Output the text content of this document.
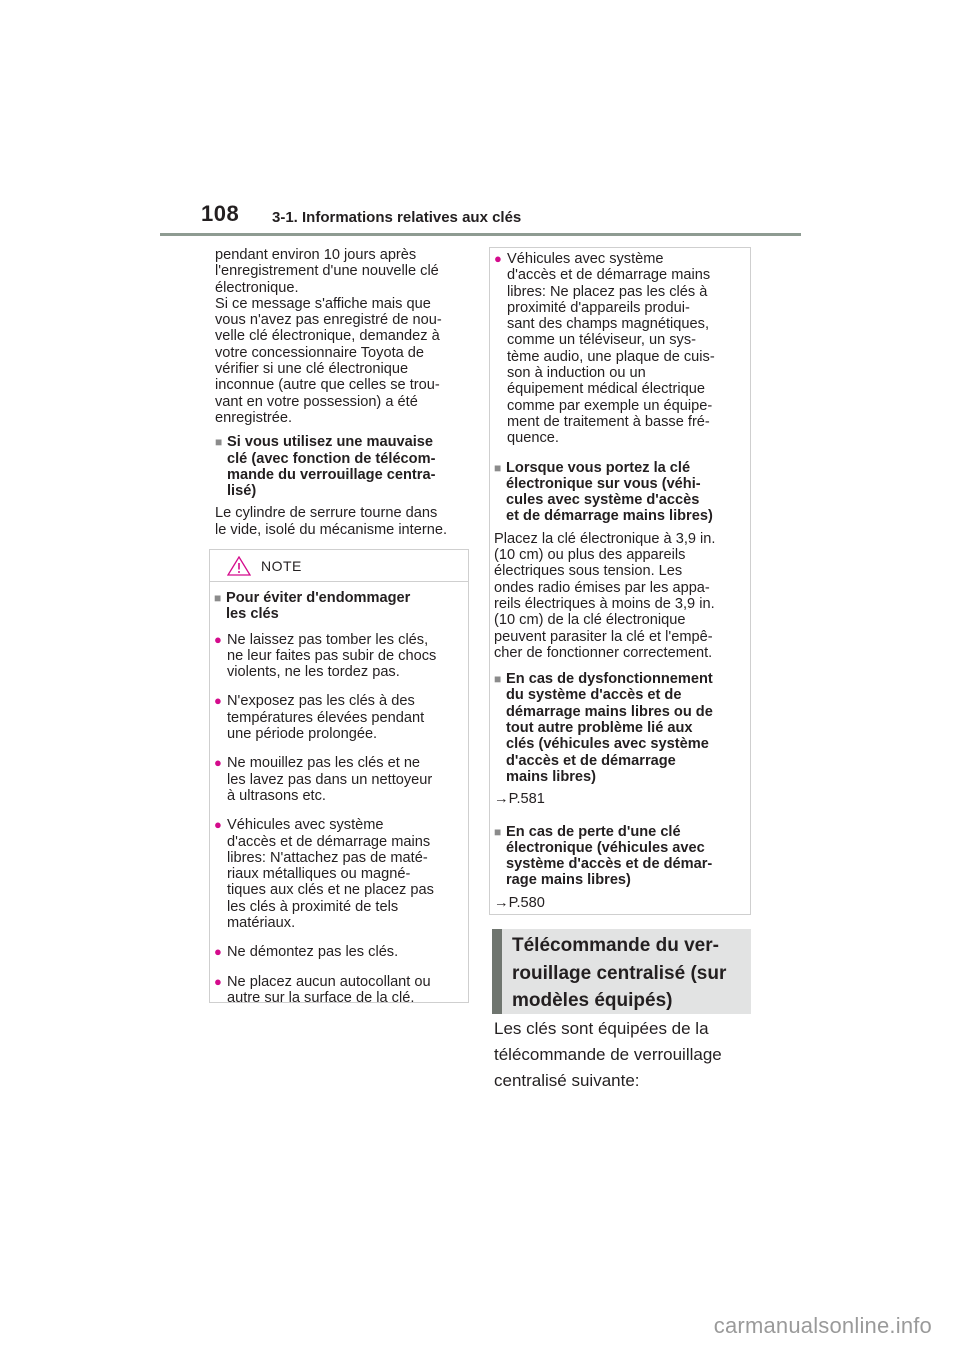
108 3-1. Informations relatives aux clés

pendant environ 10 jours après
l'enregistrement d'une nouvelle clé
électronique.
Si ce message s'affiche mais que
vous n'avez pas enregistré de nou-
velle clé électronique, demandez à
votre concessionnaire Toyota de
vérifier si une clé électronique
inconnue (autre que celles se trou-
vant en votre possession) a été
enregistrée.

■ Si vous utilisez une mauvaise
clé (avec fonction de télécom-
mande du verrouillage centra-
lisé)

Le cylindre de serrure tourne dans
le vide, isolé du mécanisme interne.

NOTE
■ Pour éviter d'endommager
les clés
● Ne laissez pas tomber les clés,
ne leur faites pas subir de chocs
violents, ne les tordez pas.
● N'exposez pas les clés à des
températures élevées pendant
une période prolongée.
● Ne mouillez pas les clés et ne
les lavez pas dans un nettoyeur
à ultrasons etc.
● Véhicules avec système
d'accès et de démarrage mains
libres: N'attachez pas de maté-
riaux métalliques ou magné-
tiques aux clés et ne placez pas
les clés à proximité de tels
matériaux.
● Ne démontez pas les clés.
● Ne placez aucun autocollant ou
autre sur la surface de la clé.
● Véhicules avec système
d'accès et de démarrage mains
libres: Ne placez pas les clés à
proximité d'appareils produi-
sant des champs magnétiques,
comme un téléviseur, un sys-
tème audio, une plaque de cuis-
son à induction ou un
équipement médical électrique
comme par exemple un équipe-
ment de traitement à basse fré-
quence.
■ Lorsque vous portez la clé
électronique sur vous (véhi-
cules avec système d'accès
et de démarrage mains libres)

Placez la clé électronique à 3,9 in.
(10 cm) ou plus des appareils
électriques sous tension. Les
ondes radio émises par les appa-
reils électriques à moins de 3,9 in.
(10 cm) de la clé électronique
peuvent parasiter la clé et l'empê-
cher de fonctionner correctement.

■ En cas de dysfonctionnement
du système d'accès et de
démarrage mains libres ou de
tout autre problème lié aux
clés (véhicules avec système
d'accès et de démarrage
mains libres)
→P.581
■ En cas de perte d'une clé
électronique (véhicules avec
système d'accès et de démar-
rage mains libres)
→P.580
Télécommande du ver-
rouillage centralisé (sur
modèles équipés)
Les clés sont équipées de la
télécommande de verrouillage
centralisé suivante:
carmanualsonline.info
